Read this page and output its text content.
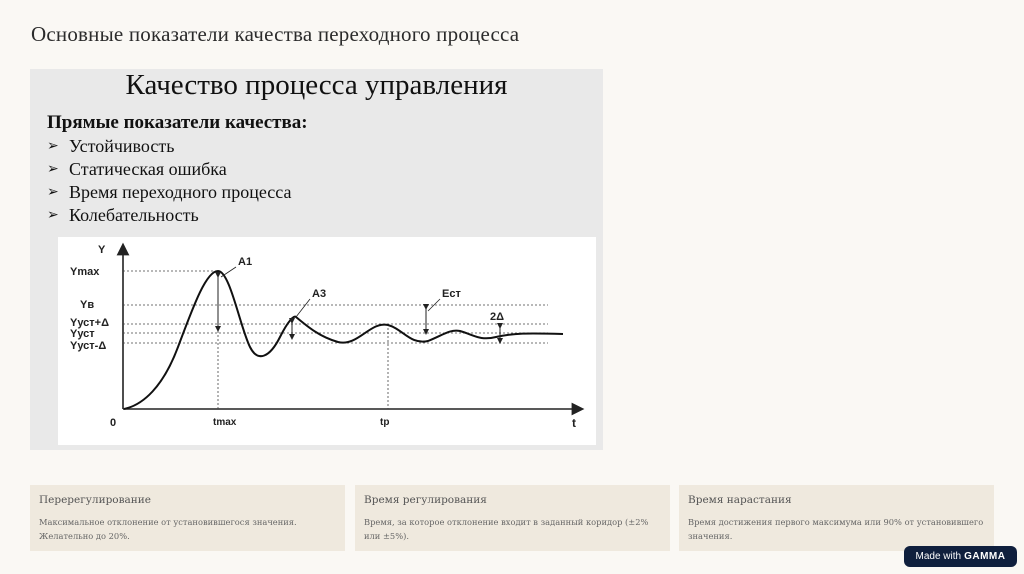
Основные показатели качества переходного процесса
Качество процесса управления
Прямые показатели качества:
➢ Устойчивость
➢ Статическая ошибка
➢ Время переходного процесса
➢ Колебательность
Y
t
0
Ymax
Yв
Yуст+Δ
Yуст
Yуст-Δ
tmax	tр
A1
A3	Eст
2Δ
Перерегулирование
Максимальное отклонение от установившегося значения. Желательно до 20%.
Время регулирования
Время, за которое отклонение входит в заданный коридор (±2% или ±5%).
Время нарастания
Время достижения первого максимума или 90% от установившего значения.
Made with GAMMA
